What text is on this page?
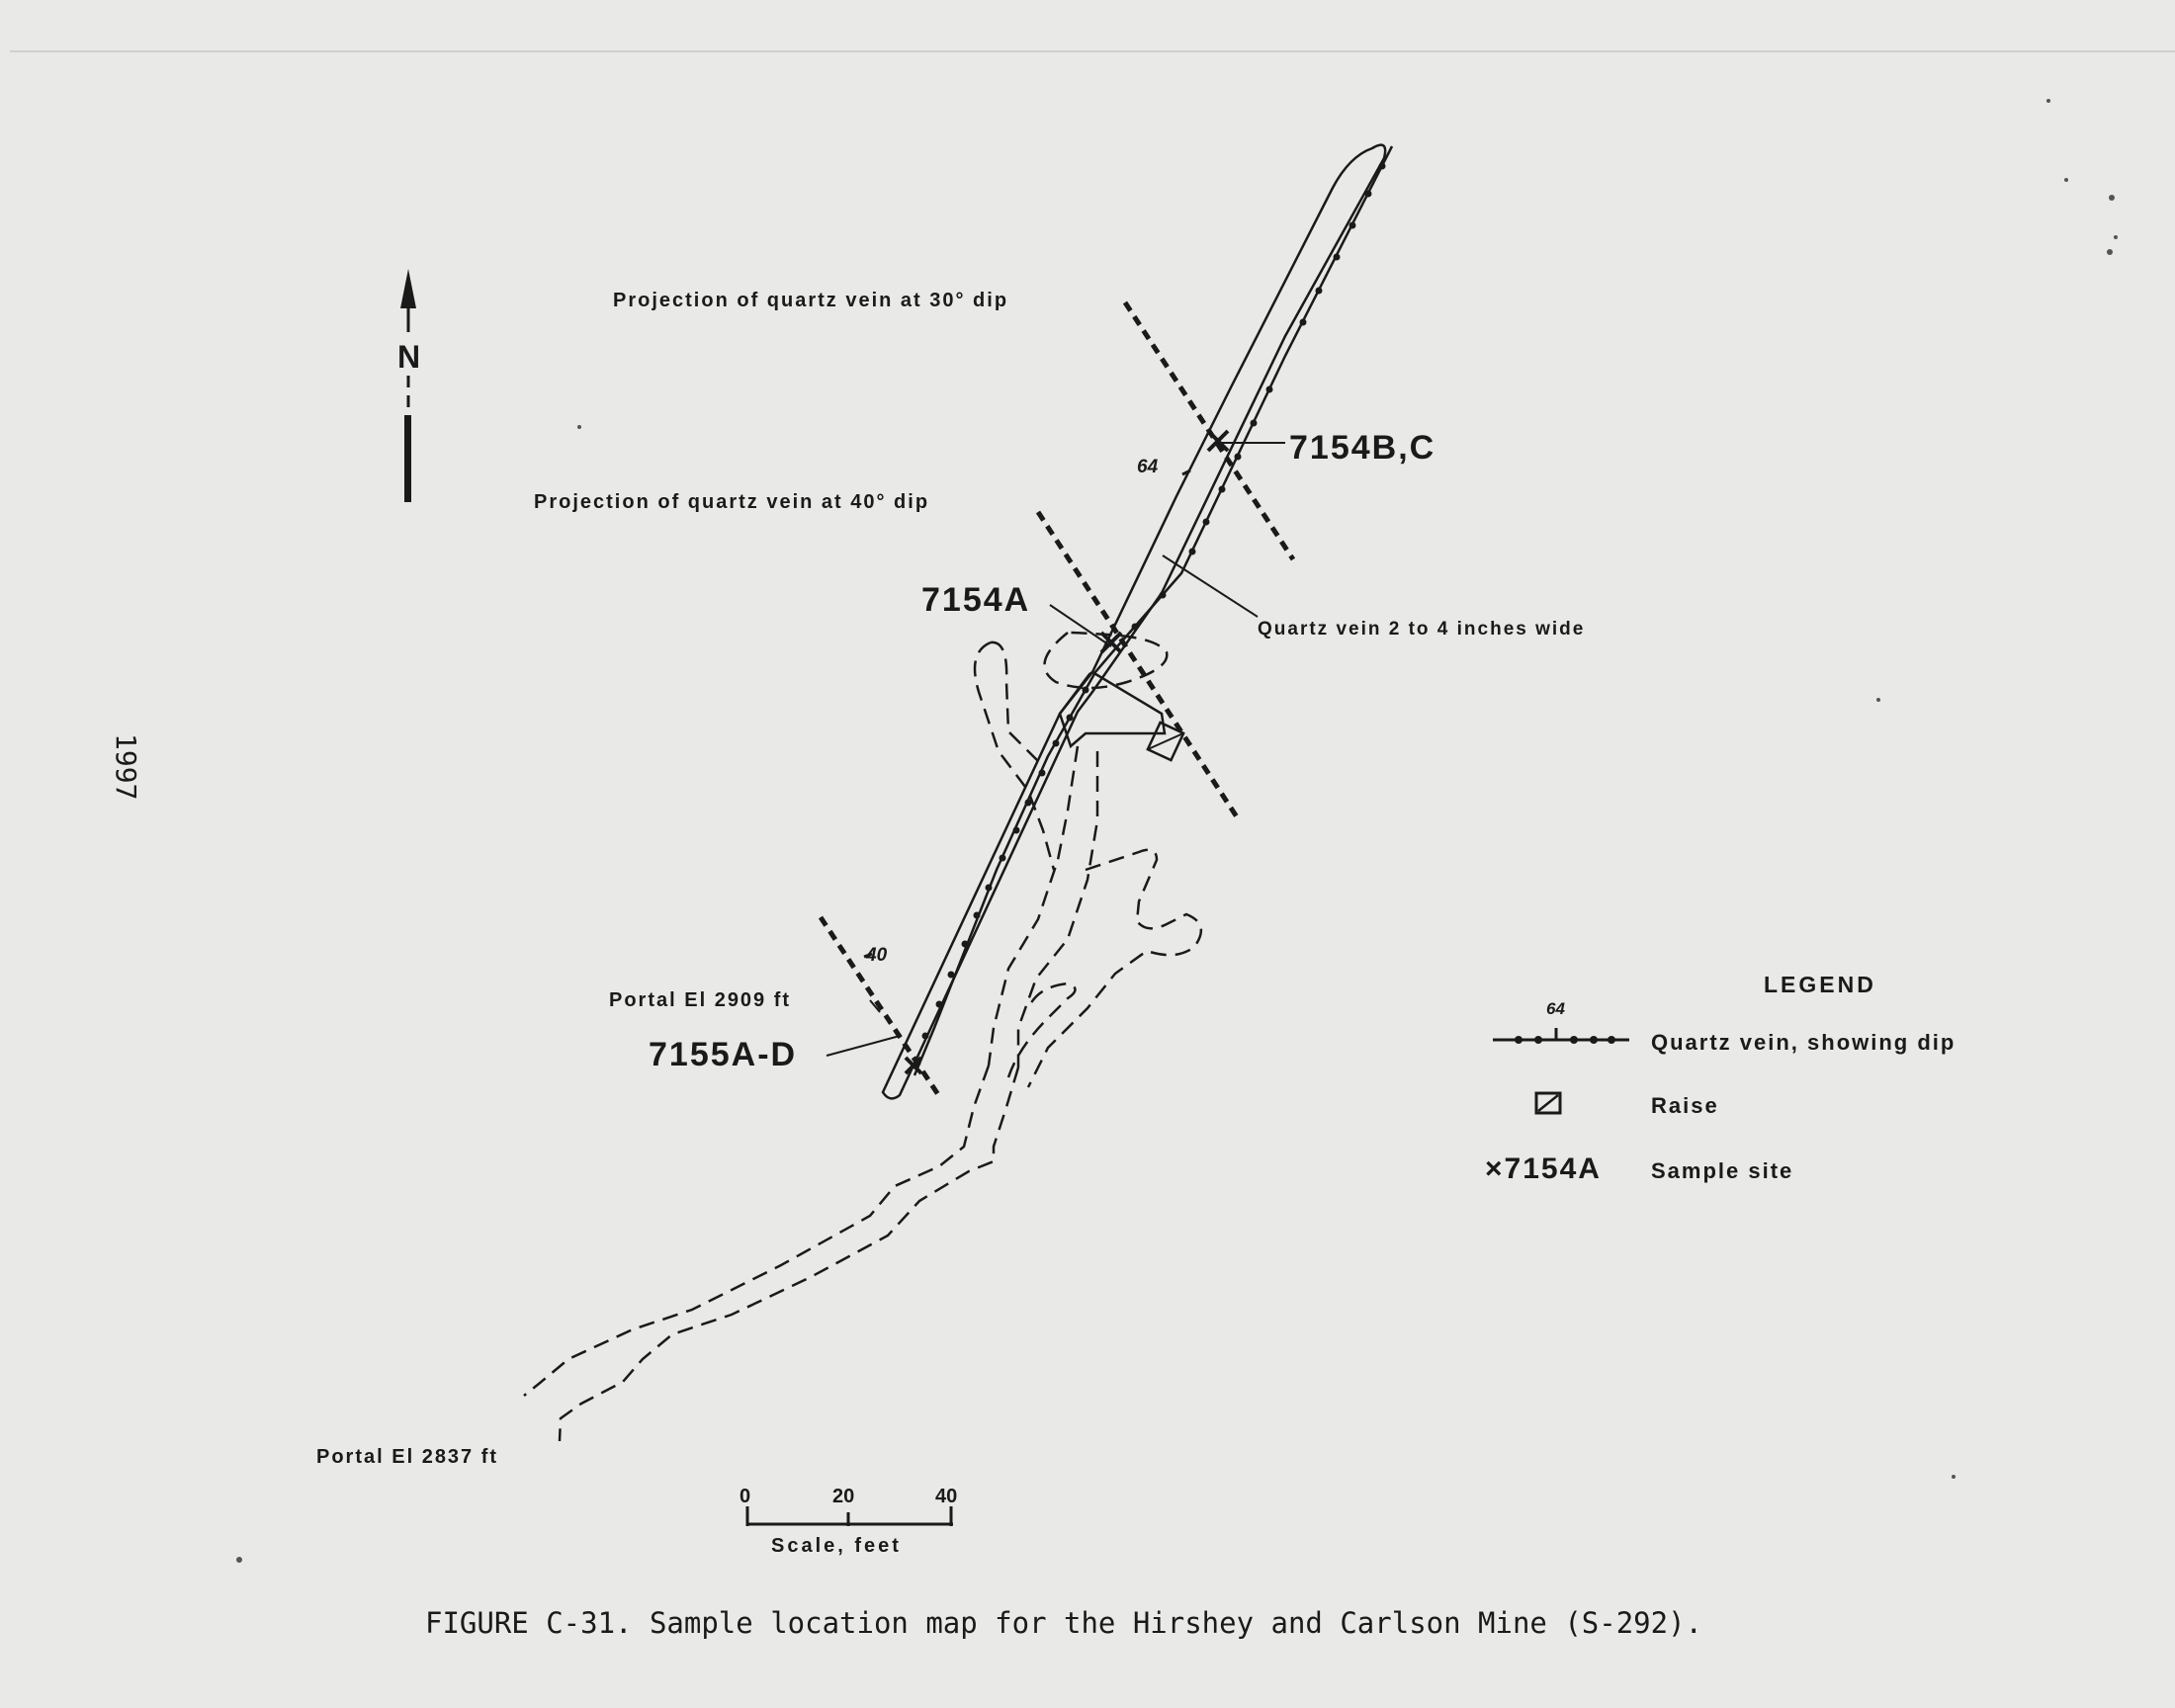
1997
N
Projection of quartz vein at 30° dip
Projection of quartz vein at 40° dip
Quartz vein 2 to 4 inches wide
Portal El 2909 ft
Portal El 2837 ft
64
40
7154B,C
7154A
7155A-D
0	20	40
Scale, feet
LEGEND
64
Quartz vein, showing dip
Raise
×7154A Sample site
FIGURE C-31. Sample location map for the Hirshey and Carlson Mine (S-292).
